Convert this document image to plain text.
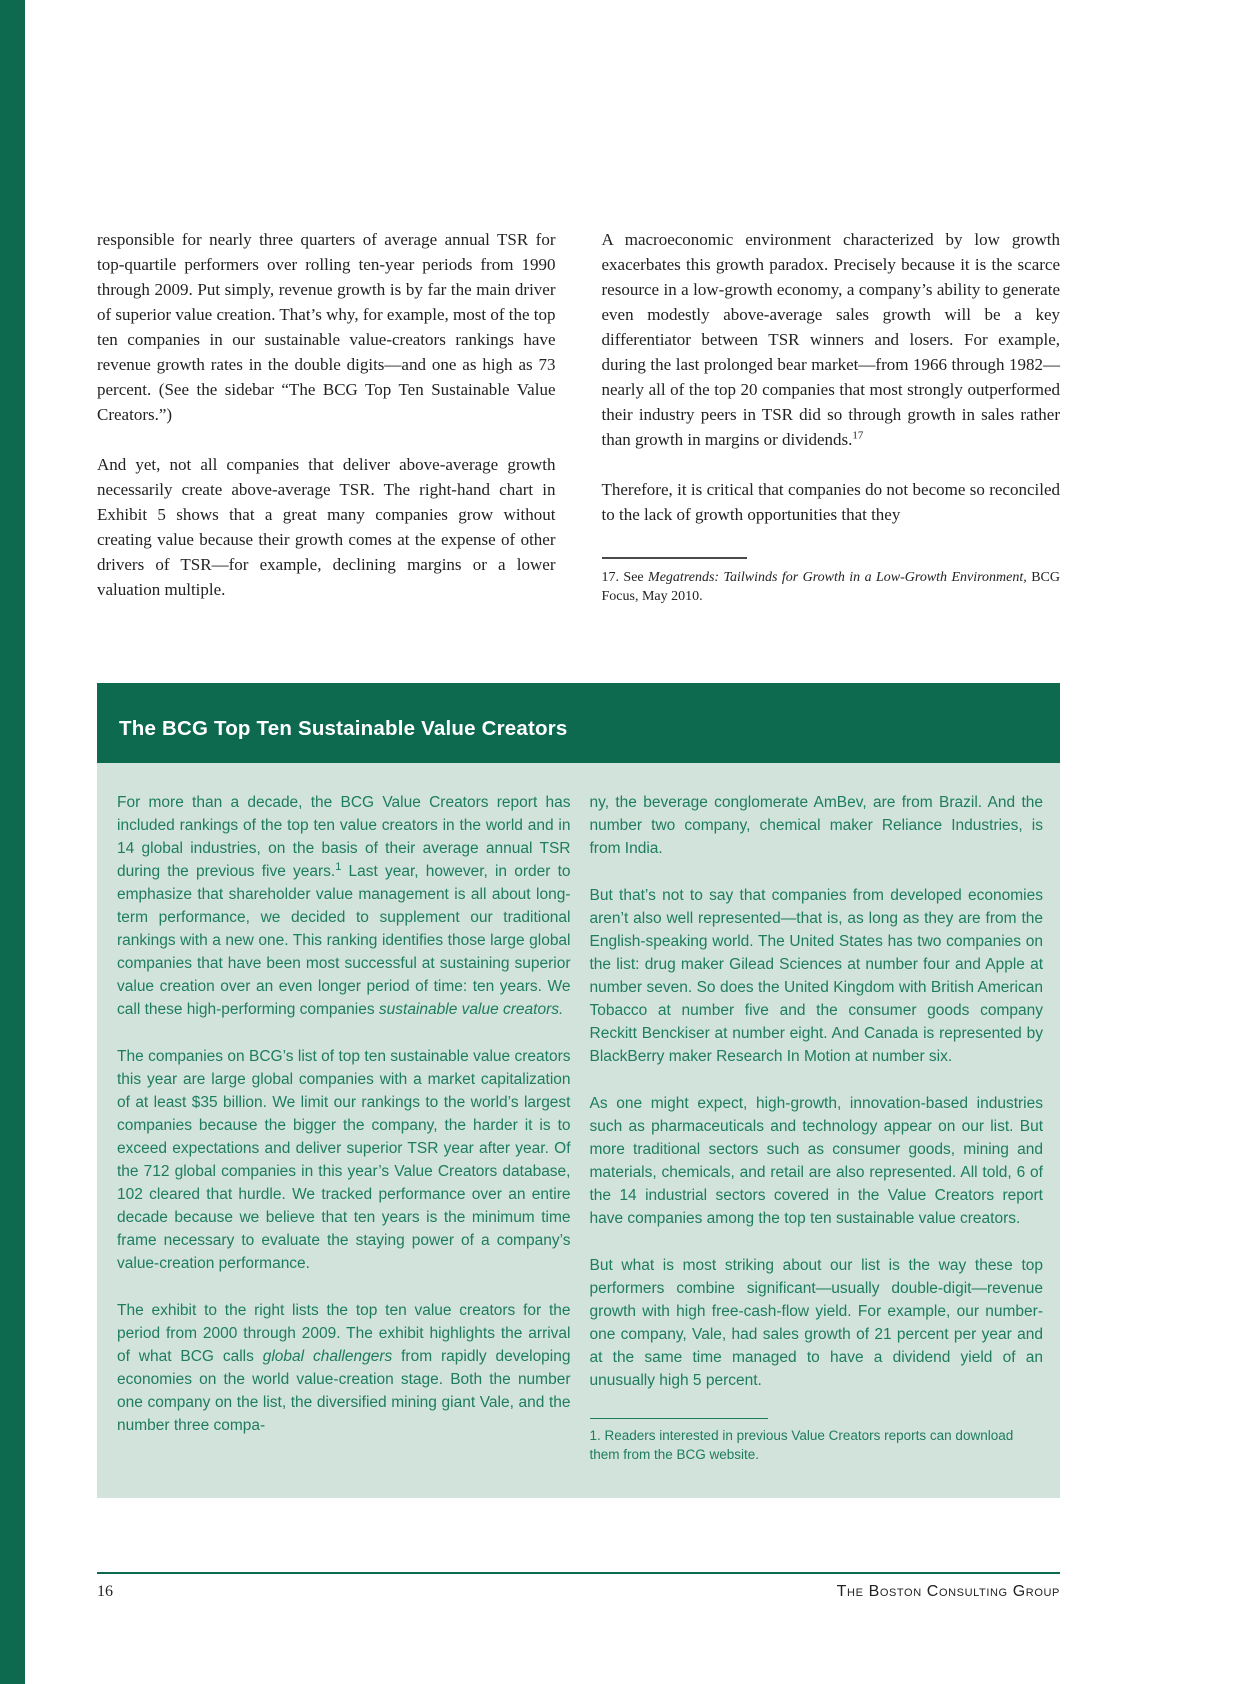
responsible for nearly three quarters of average annual TSR for top-quartile performers over rolling ten-year periods from 1990 through 2009. Put simply, revenue growth is by far the main driver of superior value creation. That’s why, for example, most of the top ten companies in our sustainable value-creators rankings have revenue growth rates in the double digits—and one as high as 73 percent. (See the sidebar “The BCG Top Ten Sustainable Value Creators.”)

And yet, not all companies that deliver above-average growth necessarily create above-average TSR. The right-hand chart in Exhibit 5 shows that a great many companies grow without creating value because their growth comes at the expense of other drivers of TSR—for example, declining margins or a lower valuation multiple.

A macroeconomic environment characterized by low growth exacerbates this growth paradox. Precisely because it is the scarce resource in a low-growth economy, a company’s ability to generate even modestly above-average sales growth will be a key differentiator between TSR winners and losers. For example, during the last prolonged bear market—from 1966 through 1982—nearly all of the top 20 companies that most strongly outperformed their industry peers in TSR did so through growth in sales rather than growth in margins or dividends.$^{17}$

Therefore, it is critical that companies do not become so reconciled to the lack of growth opportunities that they

17. See Megatrends: Tailwinds for Growth in a Low-Growth Environment, BCG Focus, May 2010.

The BCG Top Ten Sustainable Value Creators

For more than a decade, the BCG Value Creators report has included rankings of the top ten value creators in the world and in 14 global industries, on the basis of their average annual TSR during the previous five years.$^1$ Last year, however, in order to emphasize that shareholder value management is all about long-term performance, we decided to supplement our traditional rankings with a new one. This ranking identifies those large global companies that have been most successful at sustaining superior value creation over an even longer period of time: ten years. We call these high-performing companies sustainable value creators.

The companies on BCG’s list of top ten sustainable value creators this year are large global companies with a market capitalization of at least $35 billion. We limit our rankings to the world’s largest companies because the bigger the company, the harder it is to exceed expectations and deliver superior TSR year after year. Of the 712 global companies in this year’s Value Creators database, 102 cleared that hurdle. We tracked performance over an entire decade because we believe that ten years is the minimum time frame necessary to evaluate the staying power of a company’s value-creation performance.

The exhibit to the right lists the top ten value creators for the period from 2000 through 2009. The exhibit highlights the arrival of what BCG calls global challengers from rapidly developing economies on the world value-creation stage. Both the number one company on the list, the diversified mining giant Vale, and the number three compa-

ny, the beverage conglomerate AmBev, are from Brazil. And the number two company, chemical maker Reliance Industries, is from India.

But that’s not to say that companies from developed economies aren’t also well represented—that is, as long as they are from the English-speaking world. The United States has two companies on the list: drug maker Gilead Sciences at number four and Apple at number seven. So does the United Kingdom with British American Tobacco at number five and the consumer goods company Reckitt Benckiser at number eight. And Canada is represented by BlackBerry maker Research In Motion at number six.

As one might expect, high-growth, innovation-based industries such as pharmaceuticals and technology appear on our list. But more traditional sectors such as consumer goods, mining and materials, chemicals, and retail are also represented. All told, 6 of the 14 industrial sectors covered in the Value Creators report have companies among the top ten sustainable value creators.

But what is most striking about our list is the way these top performers combine significant—usually double-digit—revenue growth with high free-cash-flow yield. For example, our number-one company, Vale, had sales growth of 21 percent per year and at the same time managed to have a dividend yield of an unusually high 5 percent.

1. Readers interested in previous Value Creators reports can download them from the BCG website.

16	The Boston Consulting Group
